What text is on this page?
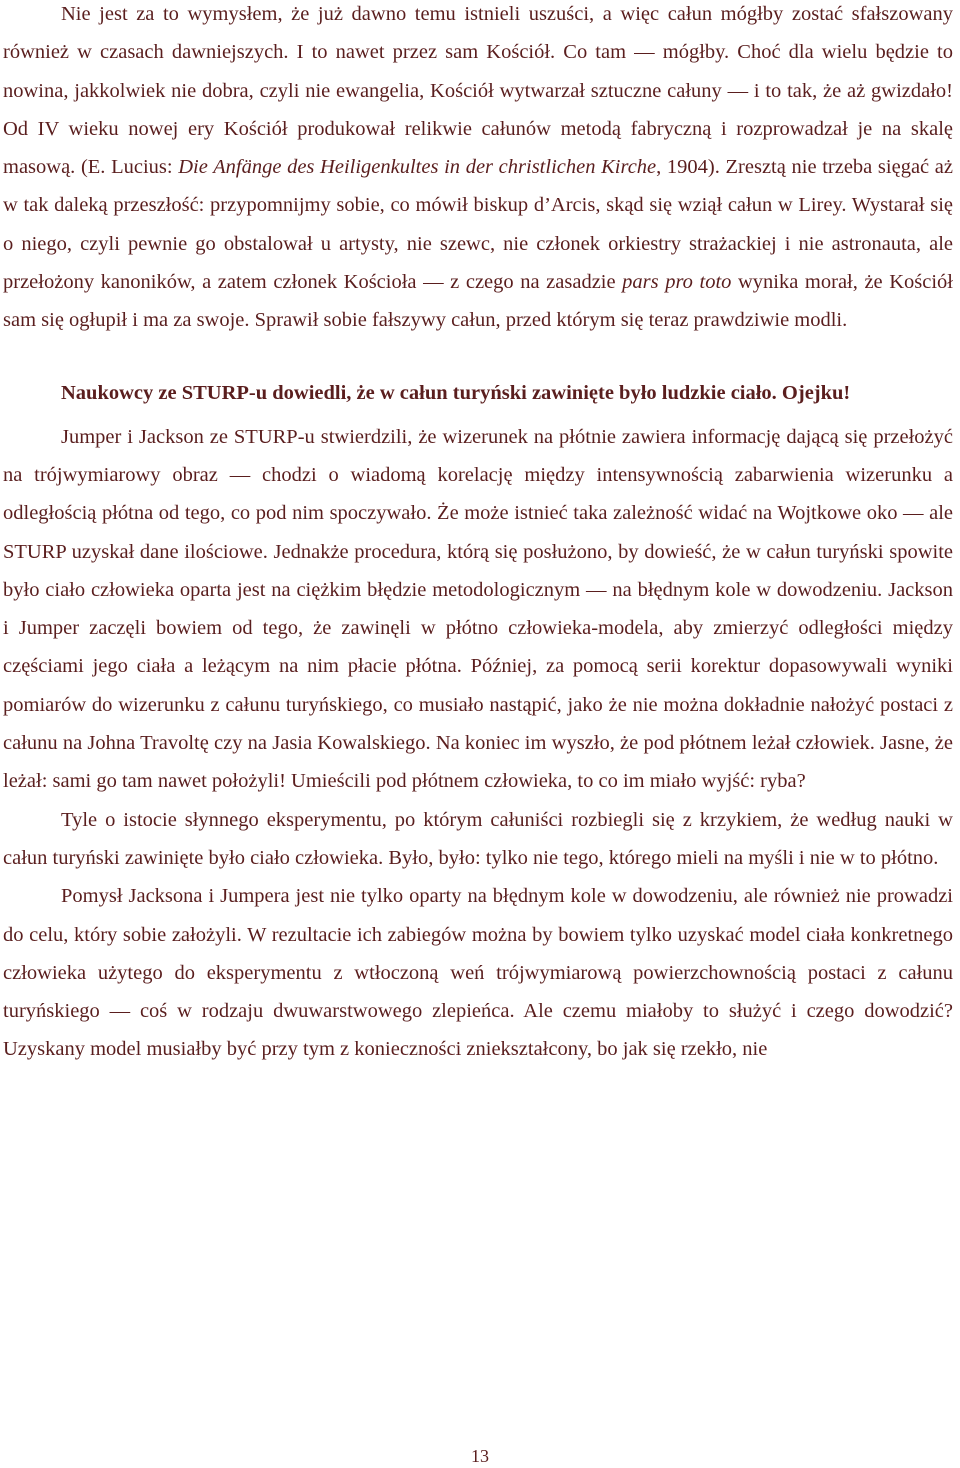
Nie jest za to wymysłem, że już dawno temu istnieli uszuści, a więc całun mógłby zostać sfałszowany również w czasach dawniejszych. I to nawet przez sam Kościół. Co tam — mógłby. Choć dla wielu będzie to nowina, jakkolwiek nie dobra, czyli nie ewangelia, Kościół wytwarzał sztuczne całuny — i to tak, że aż gwizdało! Od IV wieku nowej ery Kościół produkował relikwie całunów metodą fabryczną i rozprowadzał je na skalę masową. (E. Lucius: Die Anfänge des Heiligenkultes in der christlichen Kirche, 1904). Zresztą nie trzeba sięgać aż w tak daleką przeszłość: przypomnijmy sobie, co mówił biskup d’Arcis, skąd się wziął całun w Lirey. Wystarał się o niego, czyli pewnie go obstalował u artysty, nie szewc, nie członek orkiestry strażackiej i nie astronauta, ale przełożony kanoników, a zatem członek Kościoła — z czego na zasadzie pars pro toto wynika morał, że Kościół sam się ogłupił i ma za swoje. Sprawił sobie fałszywy całun, przed którym się teraz prawdziwie modli.

Naukowcy ze STURP-u dowiedli, że w całun turyński zawinięte było ludzkie ciało. Ojejku!

Jumper i Jackson ze STURP-u stwierdzili, że wizerunek na płótnie zawiera informację dającą się przełożyć na trójwymiarowy obraz — chodzi o wiadomą korelację między intensywnością zabarwienia wizerunku a odległością płótna od tego, co pod nim spoczywało. Że może istnieć taka zależność widać na Wojtkowe oko — ale STURP uzyskał dane ilościowe. Jednakże procedura, którą się posłużono, by dowieść, że w całun turyński spowite było ciało człowieka oparta jest na ciężkim błędzie metodologicznym — na błędnym kole w dowodzeniu. Jackson i Jumper zaczęli bowiem od tego, że zawinęli w płótno człowieka-modela, aby zmierzyć odległości między częściami jego ciała a leżącym na nim płacie płótna. Później, za pomocą serii korektur dopasowywali wyniki pomiarów do wizerunku z całunu turyńskiego, co musiało nastąpić, jako że nie można dokładnie nałożyć postaci z całunu na Johna Travoltę czy na Jasia Kowalskiego. Na koniec im wyszło, że pod płótnem leżał człowiek. Jasne, że leżał: sami go tam nawet położyli! Umieścili pod płótnem człowieka, to co im miało wyjść: ryba?

Tyle o istocie słynnego eksperymentu, po którym całuniści rozbiegli się z krzykiem, że według nauki w całun turyński zawinięte było ciało człowieka. Było, było: tylko nie tego, którego mieli na myśli i nie w to płótno.

Pomysł Jacksona i Jumpera jest nie tylko oparty na błędnym kole w dowodzeniu, ale również nie prowadzi do celu, który sobie założyli. W rezultacie ich zabiegów można by bowiem tylko uzyskać model ciała konkretnego człowieka użytego do eksperymentu z wtłoczoną weń trójwymiarową powierzchownością postaci z całunu turyńskiego — coś w rodzaju dwuwarstwowego zlepieńca. Ale czemu miałoby to służyć i czego dowodzić? Uzyskany model musiałby być przy tym z konieczności zniekształcony, bo jak się rzekło, nie

13
